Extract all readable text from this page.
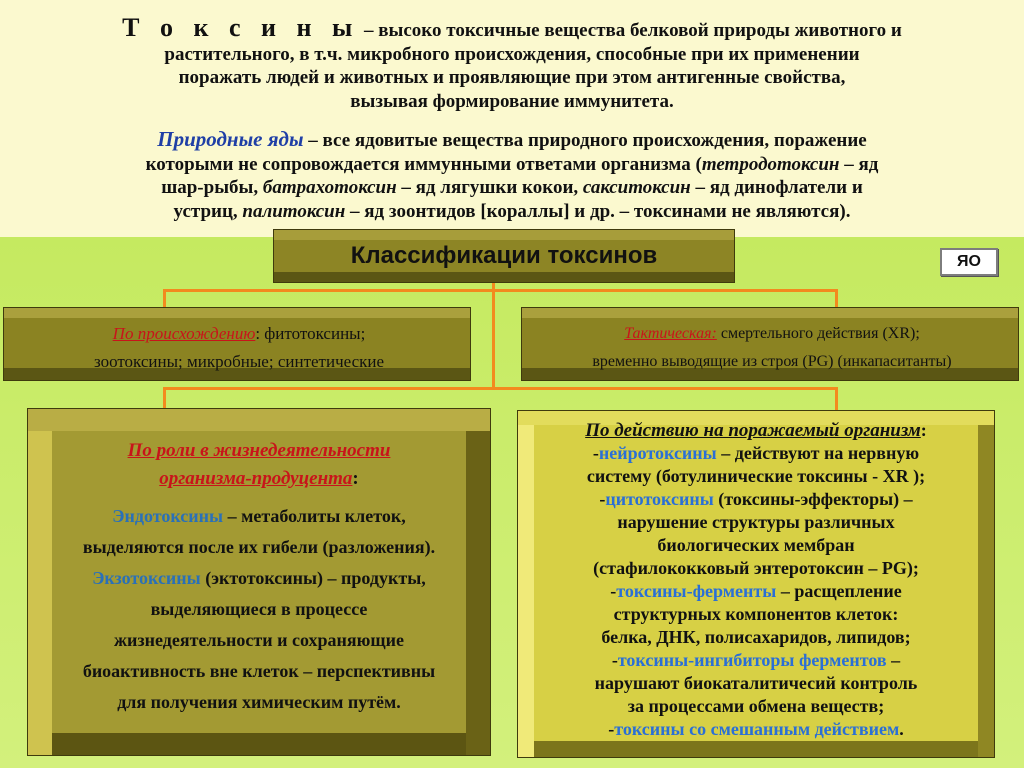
Т о к с и н ы – высоко токсичные вещества белковой природы животного и
растительного, в т.ч. микробного происхождения, способные при их применении
поражать людей и животных и проявляющие при этом антигенные свойства,
вызывая формирование иммунитета.

Природные яды – все ядовитые вещества природного происхождения, поражение
которыми не сопровождается иммунными ответами организма (тетродотоксин – яд
шар-рыбы, батрахотоксин – яд лягушки кокои, сакситоксин – яд динофлатели и
устриц, палитоксин – яд зоонтидов [кораллы] и др. – токсинами не являются).

Классификации токсинов	ЯО
По происхождению: фитотоксины;
зоотоксины; микробные; синтетические
Тактическая: смертельного действия (XR);
временно выводящие из строя (PG) (инкапаситанты)
По роли в жизнедеятельности
организма-продуцента:
Эндотоксины – метаболиты клеток,
выделяются после их гибели (разложения).
Экзотоксины (эктотоксины) – продукты,
выделяющиеся в процессе
жизнедеятельности и сохраняющие
биоактивность вне клеток – перспективны
для получения химическим путём.
По действию на поражаемый организм:
-нейротоксины – действуют на нервную
систему (ботулинические токсины - XR );
-цитотоксины (токсины-эффекторы) –
нарушение структуры различных
биологических мембран
(стафилококковый энтеротоксин – PG);
-токсины-ферменты – расщепление
структурных компонентов клеток:
белка, ДНК, полисахаридов, липидов;
-токсины-ингибиторы ферментов –
нарушают биокаталитичесий контроль
за процессами обмена веществ;
-токсины со смешанным действием.
